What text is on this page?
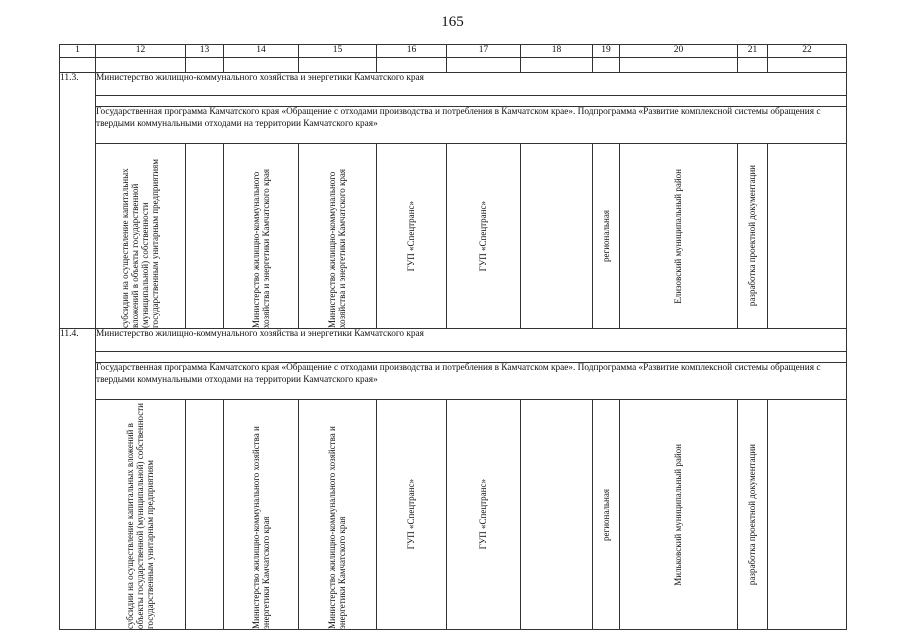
165
1	12	13	14	15	16	17	18	19	20	21	22

11.3.	Министерство жилищно-коммунального хозяйства и энергетики Камчатского края										

	Государственная программа Камчатского края «Обращение с отходами производства и потребления в Камчатском крае». Подпрограмма «Развитие комплексной системы обращения с твердыми коммунальными отходами на территории Камчатского края»										

	субсидии на осуществление капитальных вложений в объекты государственной (муниципальной) собственности государственным унитарным предприятиям		Министерство жилищно-коммунального хозяйства и энергетики Камчатского края	Министерство жилищно-коммунального хозяйства и энергетики Камчатского края	ГУП «Спецтранс»	ГУП «Спецтранс»		региональная	Елизовский муниципальный район	разработка проектной документации	

11.4.	Министерство жилищно-коммунального хозяйства и энергетики Камчатского края										

	Государственная программа Камчатского края «Обращение с отходами производства и потребления в Камчатском крае». Подпрограмма «Развитие комплексной системы обращения с твердыми коммунальными отходами на территории Камчатского края»										

	субсидии на осуществление капитальных вложений в объекты государственной (муниципальной) собственности государственным унитарным предприятиям		Министерство жилищно-коммунального хозяйства и энергетики Камчатского края	Министерство жилищно-коммунального хозяйства и энергетики Камчатского края	ГУП «Спецтранс»	ГУП «Спецтранс»		региональная	Мильковский муниципальный район	разработка проектной документации	
